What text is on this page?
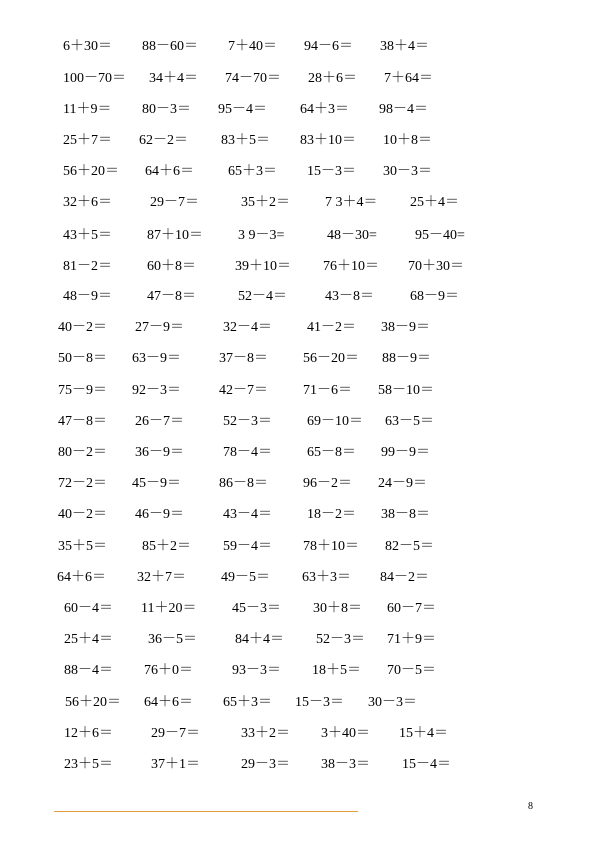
6＋30＝ 88－60＝ 7＋40＝ 94－6＝ 38＋4＝
100－70＝ 34＋4＝ 74－70＝ 28＋6＝ 7＋64＝
11＋9＝ 80－3＝ 95－4＝ 64＋3＝ 98－4＝
25＋7＝ 62－2＝ 83＋5＝ 83＋10＝ 10＋8＝
56＋20＝ 64＋6＝ 65＋3＝ 15－3＝ 30－3＝
32＋6＝	29－7＝	35＋2＝	7 3＋4＝ 25＋4＝
43＋5＝	87＋10＝	3 9－3=	48－30=	95－40=
81－2＝	60＋8＝	39＋10＝ 76＋10＝ 70＋30＝
48－9＝	47－8＝	52－4＝	43－8＝	68－9＝
40－2＝ 27－9＝	32－4＝	41－2＝ 38－9＝
50－8＝ 63－9＝	37－8＝	56－20＝ 88－9＝
75－9＝ 92－3＝	42－7＝	71－6＝ 58－10＝
47－8＝ 26－7＝	52－3＝	69－10＝ 63－5＝
80－2＝ 36－9＝	78－4＝	65－8＝ 99－9＝
72－2＝ 45－9＝	86－8＝	96－2＝ 24－9＝
40－2＝ 46－9＝	43－4＝	18－2＝ 38－8＝
35＋5＝	85＋2＝ 59－4＝ 78＋10＝ 82－5＝
64＋6＝ 32＋7＝	49－5＝ 63＋3＝ 84－2＝
60－4＝ 11＋20＝	45－3＝ 30＋8＝ 60－7＝
25＋4＝	36－5＝	84＋4＝ 52－3＝ 71＋9＝
88－4＝ 76＋0＝	93－3＝ 18＋5＝ 70－5＝
56＋20＝ 64＋6＝ 65＋3＝ 15－3＝ 30－3＝
12＋6＝	29－7＝	33＋2＝ 3＋40＝ 15＋4＝
23＋5＝	37＋1＝	29－3＝ 38－3＝ 15－4＝
8
